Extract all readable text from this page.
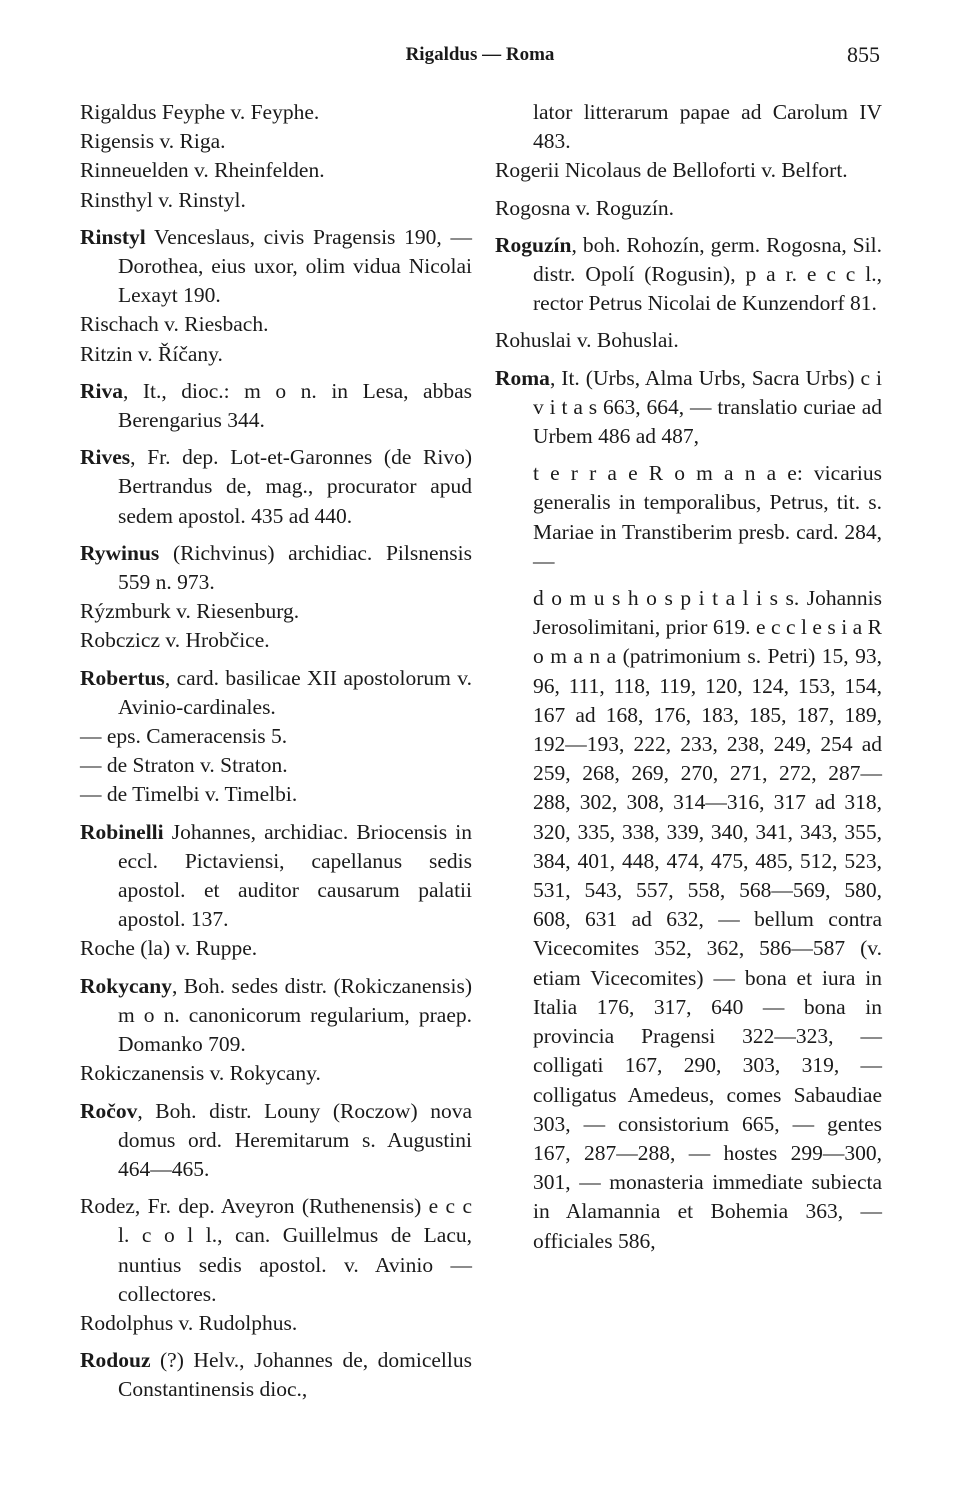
Rigaldus — Roma	855

Rigaldus Feyphe v. Feyphe.

Rigensis v. Riga.

Rinneuelden v. Rheinfelden.

Rinsthyl v. Rinstyl.

Rinstyl Venceslaus, civis Pragensis 190, — Dorothea, eius uxor, olim vidua Nicolai Lexayt 190.

Rischach v. Riesbach.

Ritzin v. Říčany.

Riva, It., dioc.: m o n. in Lesa, abbas Berengarius 344.

Rives, Fr. dep. Lot-et-Garonnes (de Rivo) Bertrandus de, mag., procurator apud sedem apostol. 435 ad 440.

Rywinus (Richvinus) archidiac. Pilsnensis 559 n. 973.

Rýzmburk v. Riesenburg.

Robczicz v. Hrobčice.

Robertus, card. basilicae XII apostolorum v. Avinio-cardinales.

— eps. Cameracensis 5.

— de Straton v. Straton.

— de Timelbi v. Timelbi.

Robinelli Johannes, archidiac. Briocensis in eccl. Pictaviensi, capellanus sedis apostol. et auditor causarum palatii apostol. 137.

Roche (la) v. Ruppe.

Rokycany, Boh. sedes distr. (Rokiczanensis) m o n. canonicorum regularium, praep. Domanko 709.

Rokiczanensis v. Rokycany.

Ročov, Boh. distr. Louny (Roczow) nova domus ord. Heremitarum s. Augustini 464—465.

Rodez, Fr. dep. Aveyron (Ruthenensis) e c c l. c o l l., can. Guillelmus de Lacu, nuntius sedis apostol. v. Avinio — collectores.

Rodolphus v. Rudolphus.

Rodouz (?) Helv., Johannes de, domicellus Constantinensis dioc.,

lator litterarum papae ad Carolum IV 483.

Rogerii Nicolaus de Belloforti v. Belfort.

Rogosna v. Roguzín.

Roguzín, boh. Rohozín, germ. Rogosna, Sil. distr. Opolí (Rogusin), p a r. e c c l., rector Petrus Nicolai de Kunzendorf 81.

Rohuslai v. Bohuslai.

Roma, It. (Urbs, Alma Urbs, Sacra Urbs) c i v i t a s 663, 664, — translatio curiae ad Urbem 486 ad 487,

t e r r a e R o m a n a e: vicarius generalis in temporalibus, Petrus, tit. s. Mariae in Transtiberim presb. card. 284, —

d o m u s h o s p i t a l i s s. Johannis Jerosolimitani, prior 619. e c c l e s i a R o m a n a (patrimonium s. Petri) 15, 93, 96, 111, 118, 119, 120, 124, 153, 154, 167 ad 168, 176, 183, 185, 187, 189, 192—193, 222, 233, 238, 249, 254 ad 259, 268, 269, 270, 271, 272, 287—288, 302, 308, 314—316, 317 ad 318, 320, 335, 338, 339, 340, 341, 343, 355, 384, 401, 448, 474, 475, 485, 512, 523, 531, 543, 557, 558, 568—569, 580, 608, 631 ad 632, — bellum contra Vicecomites 352, 362, 586—587 (v. etiam Vicecomites) — bona et iura in Italia 176, 317, 640 — bona in provincia Pragensi 322—323, — colligati 167, 290, 303, 319, — colligatus Amedeus, comes Sabaudiae 303, — consistorium 665, — gentes 167, 287—288, — hostes 299—300, 301, — monasteria immediate subiecta in Alamannia et Bohemia 363, — officiales 586,
